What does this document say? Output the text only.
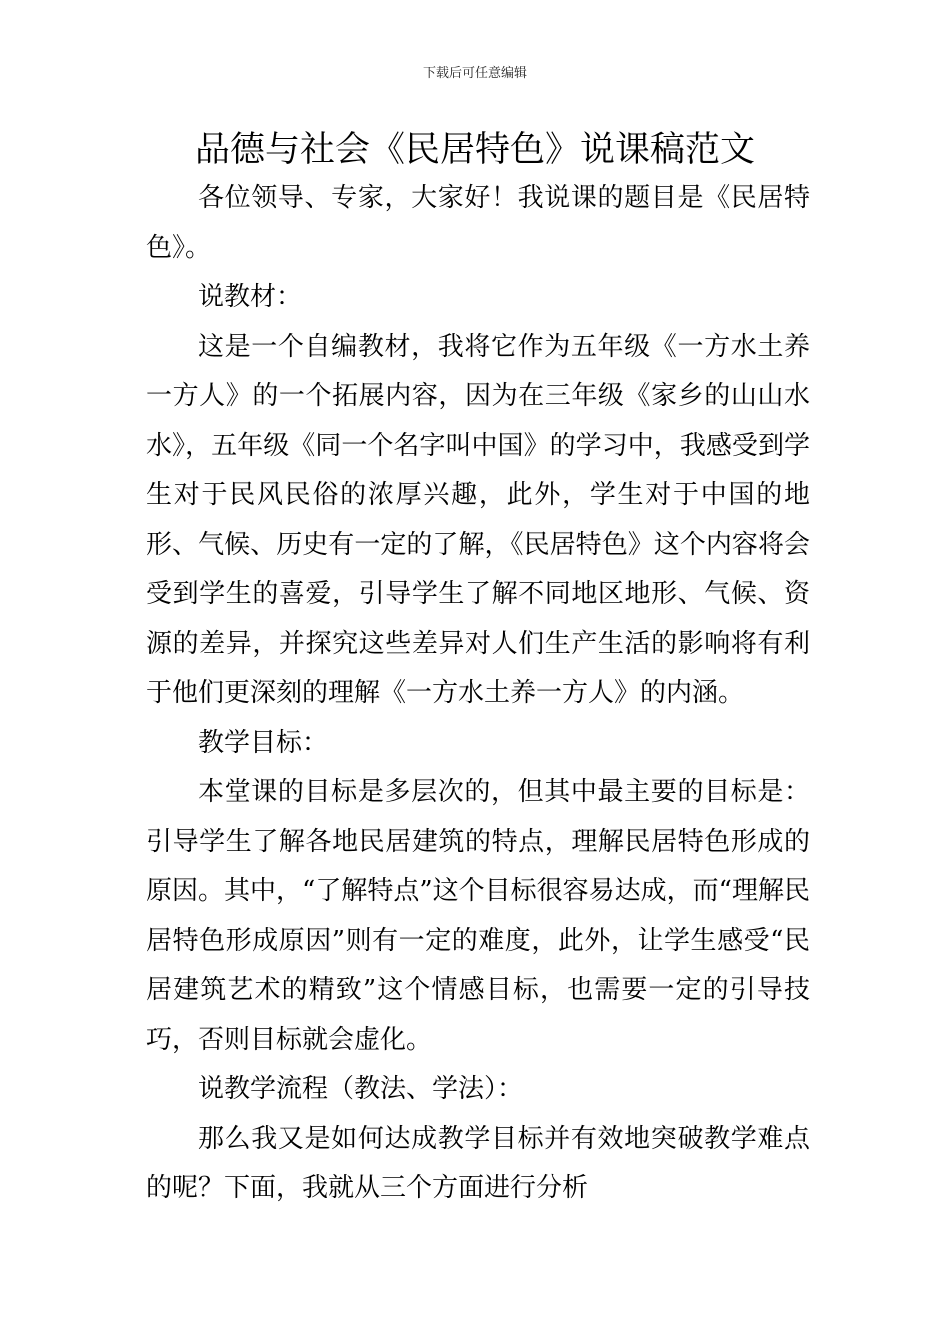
下载后可任意编辑
品德与社会《民居特色》说课稿范文

各位领导、专家，大家好！我说课的题目是《民居特色》。

说教材：

这是一个自编教材，我将它作为五年级《一方水土养一方人》的一个拓展内容，因为在三年级《家乡的山山水水》，五年级《同一个名字叫中国》的学习中，我感受到学生对于民风民俗的浓厚兴趣，此外，学生对于中国的地形、气候、历史有一定的了解，《民居特色》这个内容将会受到学生的喜爱，引导学生了解不同地区地形、气候、资源的差异，并探究这些差异对人们生产生活的影响将有利于他们更深刻的理解《一方水土养一方人》的内涵。

教学目标：

本堂课的目标是多层次的，但其中最主要的目标是：引导学生了解各地民居建筑的特点，理解民居特色形成的原因。其中，“了解特点”这个目标很容易达成，而“理解民居特色形成原因”则有一定的难度，此外，让学生感受“民居建筑艺术的精致”这个情感目标，也需要一定的引导技巧，否则目标就会虚化。

说教学流程（教法、学法）：

那么我又是如何达成教学目标并有效地突破教学难点的呢？下面，我就从三个方面进行分析
